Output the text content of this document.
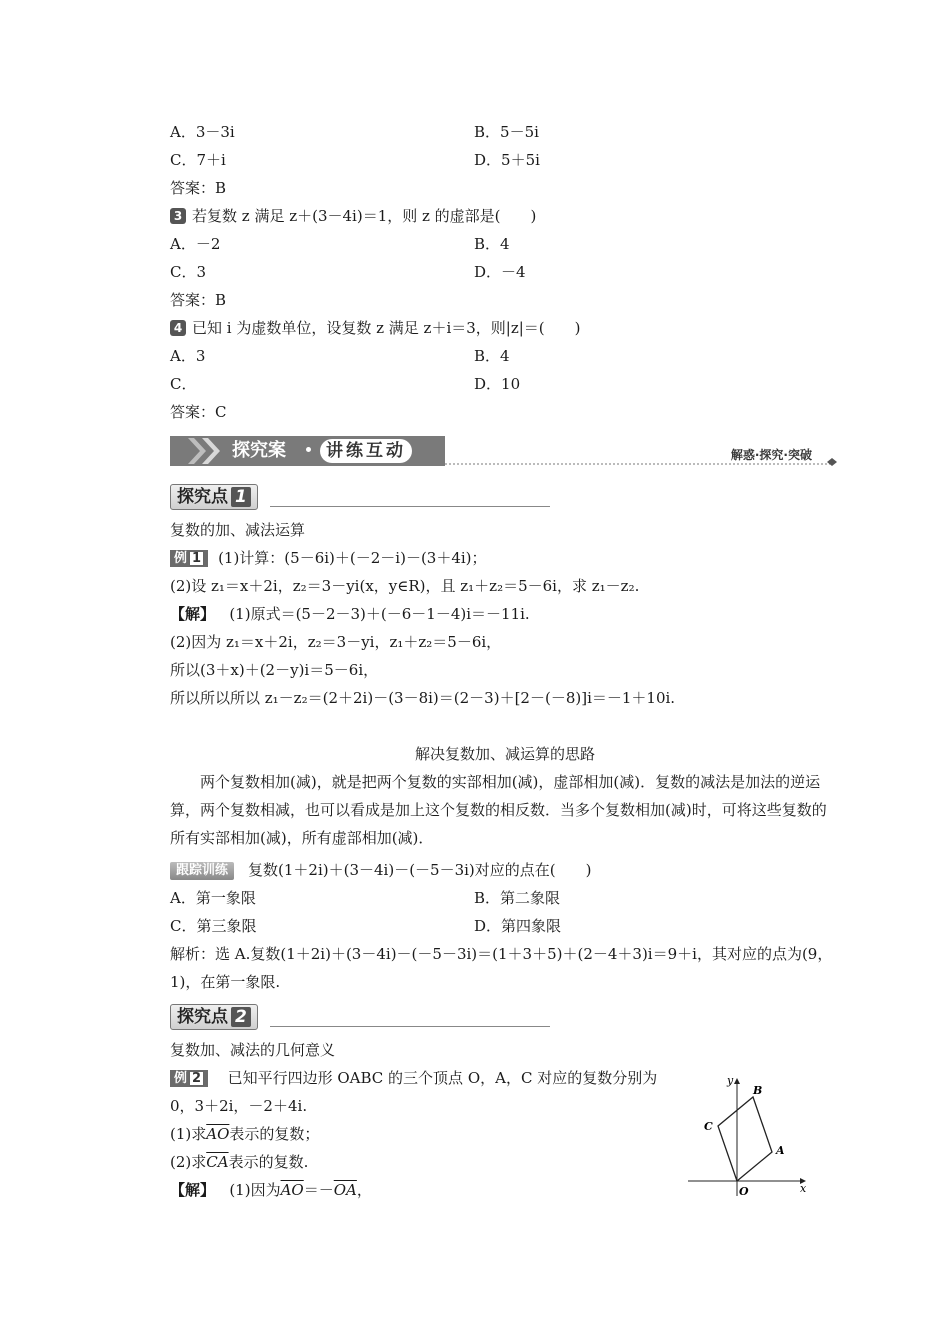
A．3－3i	B．5－5i
C．7＋i	D．5＋5i
答案：B
3 若复数 z 满足 z＋(3－4i)＝1，则 z 的虚部是(　　)
A．－2	B．4
C．3	D．－4
答案：B
4 已知 i 为虚数单位，设复数 z 满足 z＋i＝3，则|z|＝(　　)
A．3	B．4
C．	D．10
答案：C
探究案	讲练互动	解惑·探究·突破
探究点 1
复数的加、减法运算
例 1 (1)计算：(5－6i)＋(－2－i)－(3＋4i)；
(2)设 z₁＝x＋2i，z₂＝3－yi(x，y∈R)，且 z₁＋z₂＝5－6i，求 z₁－z₂.
【解】 (1)原式＝(5－2－3)＋(－6－1－4)i＝－11i.
(2)因为 z₁＝x＋2i，z₂＝3－yi，z₁＋z₂＝5－6i，
所以(3＋x)＋(2－y)i＝5－6i，
所以所以所以 z₁－z₂＝(2＋2i)－(3－8i)＝(2－3)＋[2－(－8)]i＝－1＋10i.
解决复数加、减运算的思路
两个复数相加(减)，就是把两个复数的实部相加(减)，虚部相加(减)．复数的减法是加法的逆运算，两个复数相减，也可以看成是加上这个复数的相反数．当多个复数相加(减)时，可将这些复数的所有实部相加(减)，所有虚部相加(减)．
跟踪训练 复数(1＋2i)＋(3－4i)－(－5－3i)对应的点在(　　)
A．第一象限	B．第二象限
C．第三象限	D．第四象限
解析：选 A.复数(1＋2i)＋(3－4i)－(－5－3i)＝(1＋3＋5)＋(2－4＋3)i＝9＋i，其对应的点为(9，1)，在第一象限.
探究点 2
复数加、减法的几何意义
例 2 已知平行四边形 OABC 的三个顶点 O，A，C 对应的复数分别为
0，3＋2i，－2＋4i.
(1)求$\overline{AO}$表示的复数；
(2)求$\overline{CA}$表示的复数.
【解】 (1)因为$\overline{AO}=-\overline{OA}$，	x
y
O
A
B
C
